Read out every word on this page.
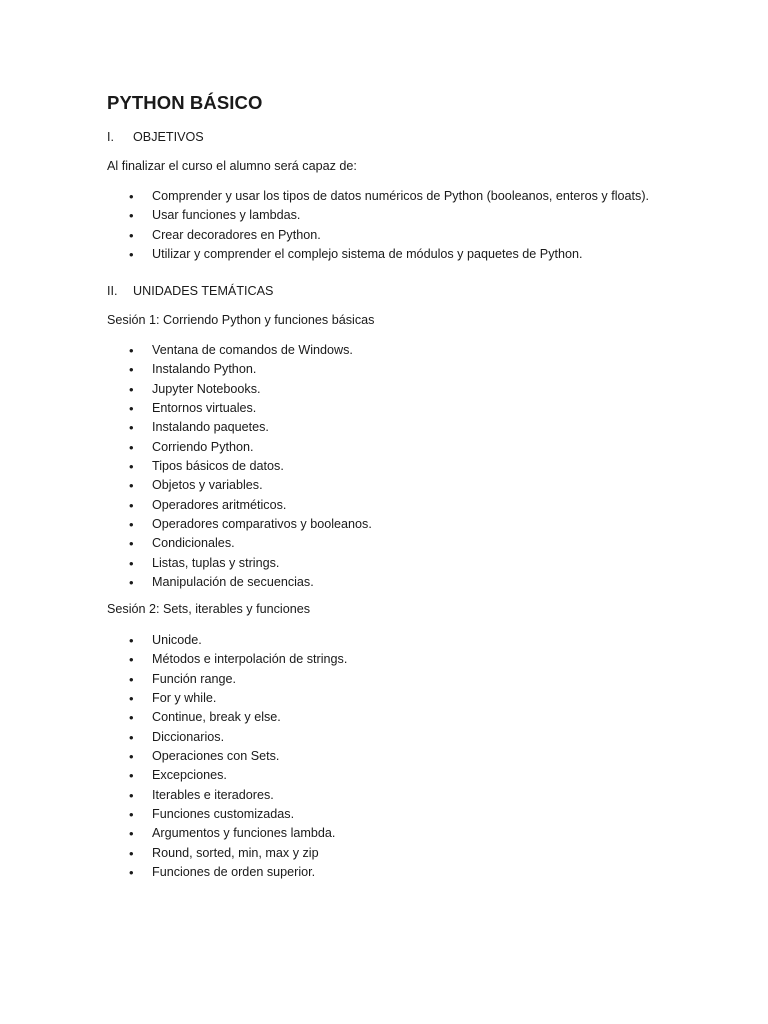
PYTHON BÁSICO
I. OBJETIVOS
Al finalizar el curso el alumno será capaz de:
• Comprender y usar los tipos de datos numéricos de Python (booleanos, enteros y floats).
• Usar funciones y lambdas.
• Crear decoradores en Python.
• Utilizar y comprender el complejo sistema de módulos y paquetes de Python.
II. UNIDADES TEMÁTICAS
Sesión 1: Corriendo Python y funciones básicas
• Ventana de comandos de Windows.
• Instalando Python.
• Jupyter Notebooks.
• Entornos virtuales.
• Instalando paquetes.
• Corriendo Python.
• Tipos básicos de datos.
• Objetos y variables.
• Operadores aritméticos.
• Operadores comparativos y booleanos.
• Condicionales.
• Listas, tuplas y strings.
• Manipulación de secuencias.
Sesión 2: Sets, iterables y funciones
• Unicode.
• Métodos e interpolación de strings.
• Función range.
• For y while.
• Continue, break y else.
• Diccionarios.
• Operaciones con Sets.
• Excepciones.
• Iterables e iteradores.
• Funciones customizadas.
• Argumentos y funciones lambda.
• Round, sorted, min, max y zip
• Funciones de orden superior.
